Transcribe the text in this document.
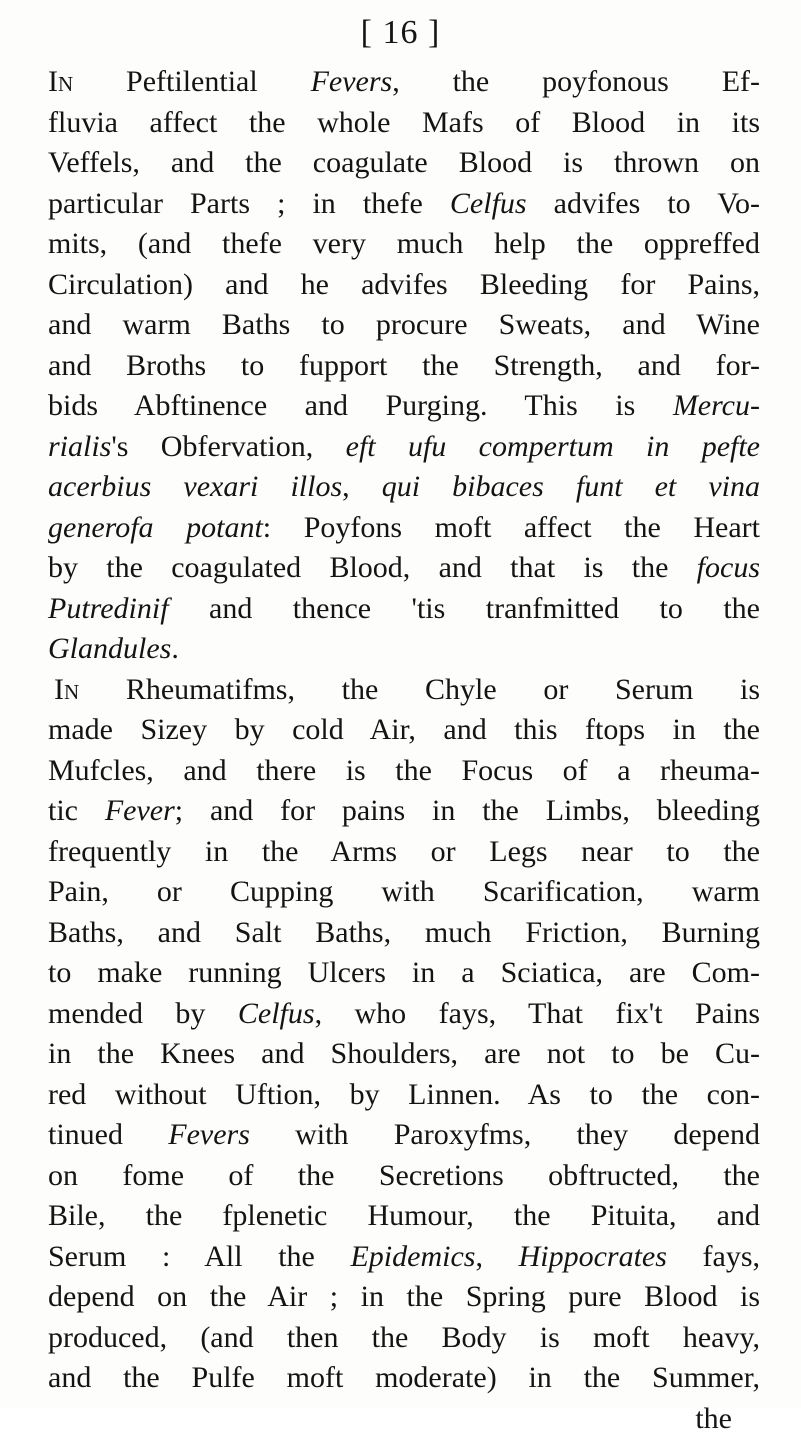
[ 16 ]
In Peftilential Fevers, the poyfonous Ef-
fluvia affect the whole Mafs of Blood in its
Veffels, and the coagulate Blood is thrown on
particular Parts ; in thefe Celfus advifes to Vo-
mits, (and thefe very much help the oppreffed
Circulation) and he advifes Bleeding for Pains,
and warm Baths to procure Sweats, and Wine
and Broths to fupport the Strength, and for-
bids Abftinence and Purging. This is Mercu-
rialis's Obfervation, eft ufu compertum in pefte
acerbius vexari illos, qui bibaces funt et vina
generofa potant: Poyfons moft affect the Heart
by the coagulated Blood, and that is the focus
Putredinif and thence 'tis tranfmitted to the
Glandules.
In Rheumatifms, the Chyle or Serum is
made Sizey by cold Air, and this ftops in the
Mufcles, and there is the Focus of a rheuma-
tic Fever; and for pains in the Limbs, bleeding
frequently in the Arms or Legs near to the
Pain, or Cupping with Scarification, warm
Baths, and Salt Baths, much Friction, Burning
to make running Ulcers in a Sciatica, are Com-
mended by Celfus, who fays, That fix't Pains
in the Knees and Shoulders, are not to be Cu-
red without Uftion, by Linnen. As to the con-
tinued Fevers with Paroxyfms, they depend
on fome of the Secretions obftructed, the
Bile, the fplenetic Humour, the Pituita, and
Serum : All the Epidemics, Hippocrates fays,
depend on the Air ; in the Spring pure Blood is
produced, (and then the Body is moft heavy,
and the Pulfe moft moderate) in the Summer,
the
